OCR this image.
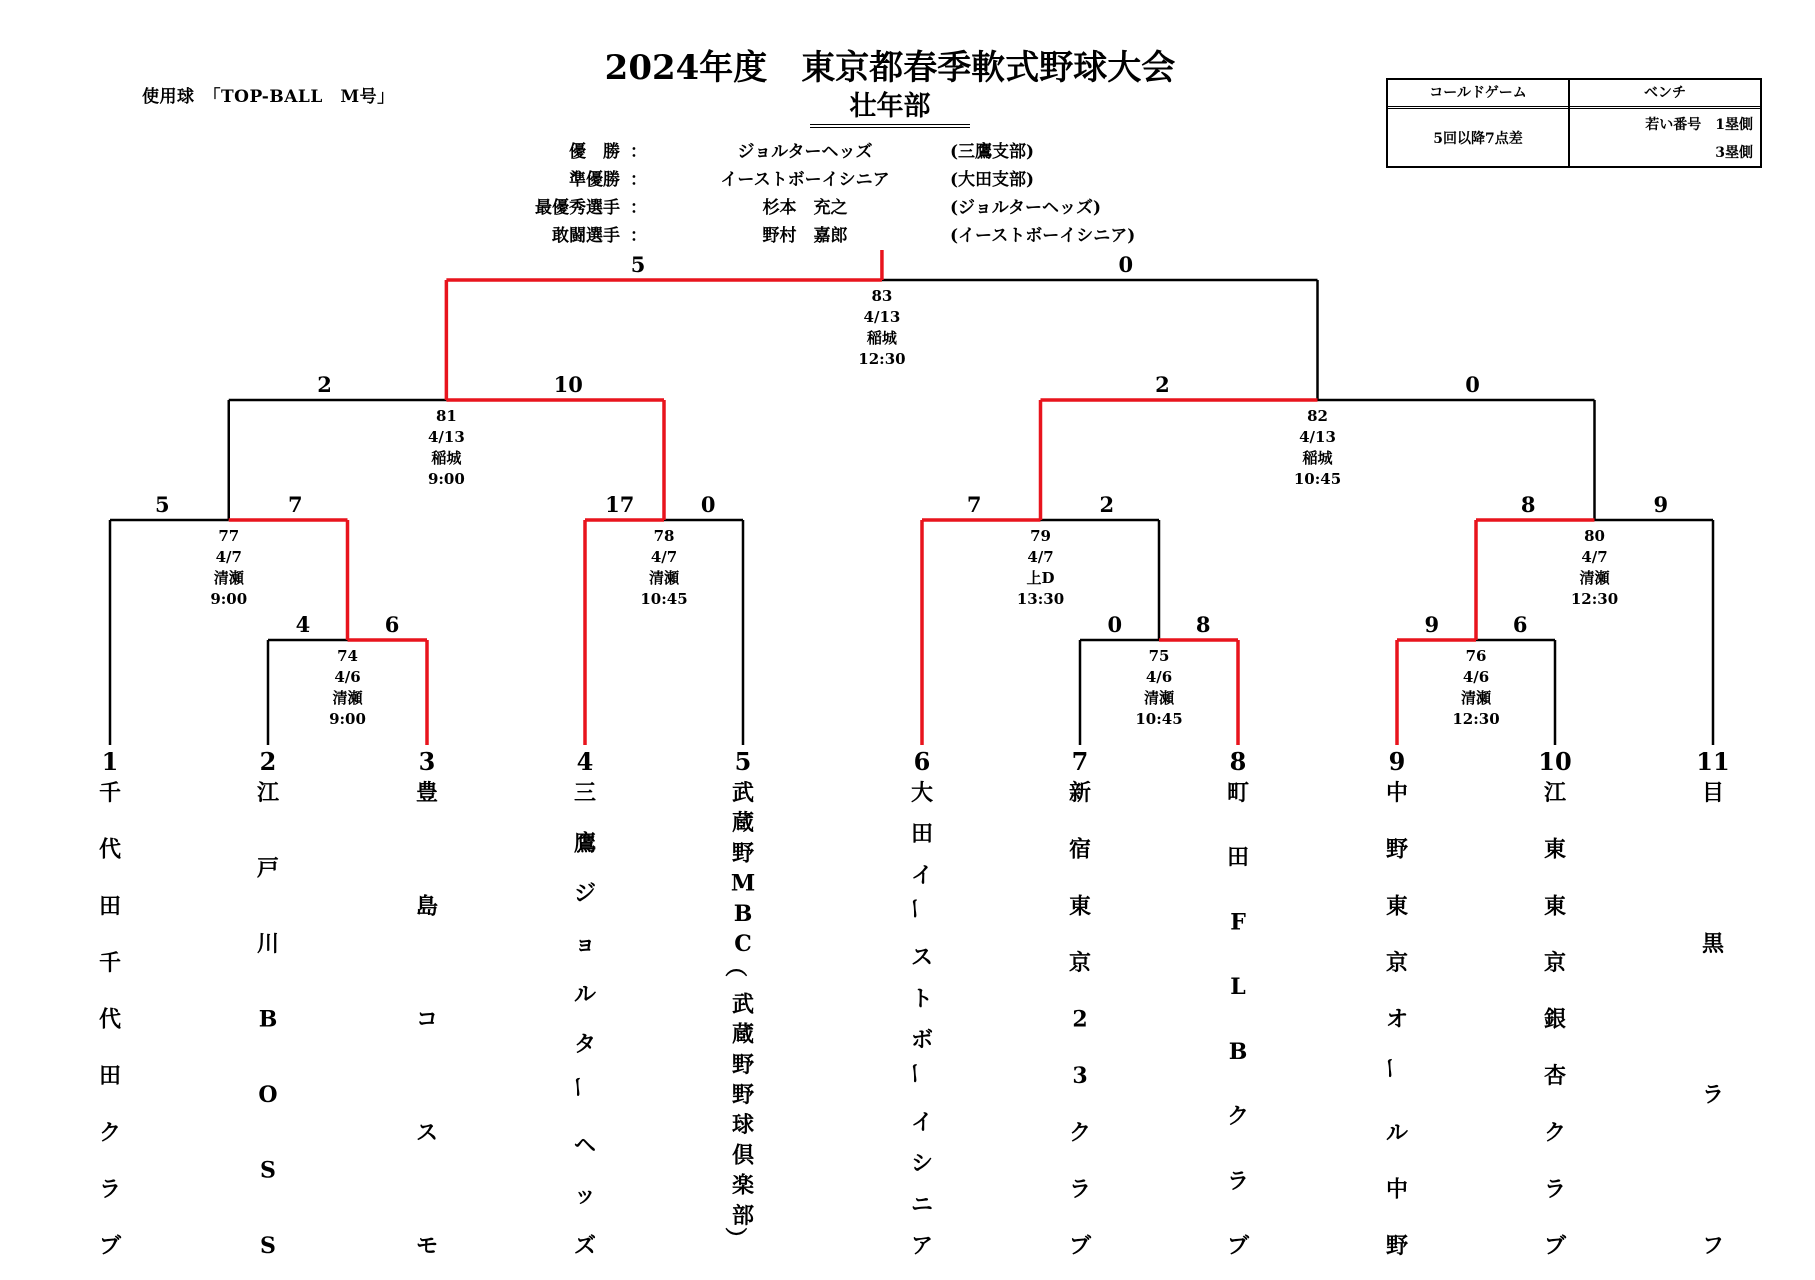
2024年度　東京都春季軟式野球大会
壮年部
使用球　「TOP-BALL　M号」
優　勝 ：	ジョルターヘッズ	(三鷹支部)
準優勝 ：	イーストボーイシニア	(大田支部)
最優秀選手 ：	杉本　充之	(ジョルターヘッズ)
敢闘選手 ：	野村　嘉郎	(イーストボーイシニア)
コールドゲーム	ベンチ
5回以降7点差
若い番号　1塁側
3塁側
4	6
74
4/6
清瀬
9:00
0	8
75
4/6
清瀬
10:45
9	6
76
4/6
清瀬
12:30
5	7
77
4/7
清瀬
9:00
17	0
78
4/7
清瀬
10:45
7	2
79
4/7
上D
13:30
8	9
80
4/7
清瀬
12:30
2	10
81
4/13
稲城
9:00
2	0
82
4/13
稲城
10:45
5	0
83
4/13
稲城
12:30
1
千
代
田
千
代
田
ク
ラ
ブ
2
江
戸
川
B
O
S
S
3
豊
島
コ
ス
モ
4
三
鷹
ジ
ョ
ル
タ
ー
ヘ
ッ
ズ
5
武
蔵
野
M
B
C
（
武
蔵
野
野
球
倶
楽
部
）
6
大
田
イ
ー
ス
ト
ボ
ー
イ
シ
ニ
ア
7
新
宿
東
京
2
3
ク
ラ
ブ
8
町
田
F
L
B
ク
ラ
ブ
9
中
野
東
京
オ
ー
ル
中
野
10
江
東
東
京
銀
杏
ク
ラ
ブ
11
目
黒
ラ
フ
